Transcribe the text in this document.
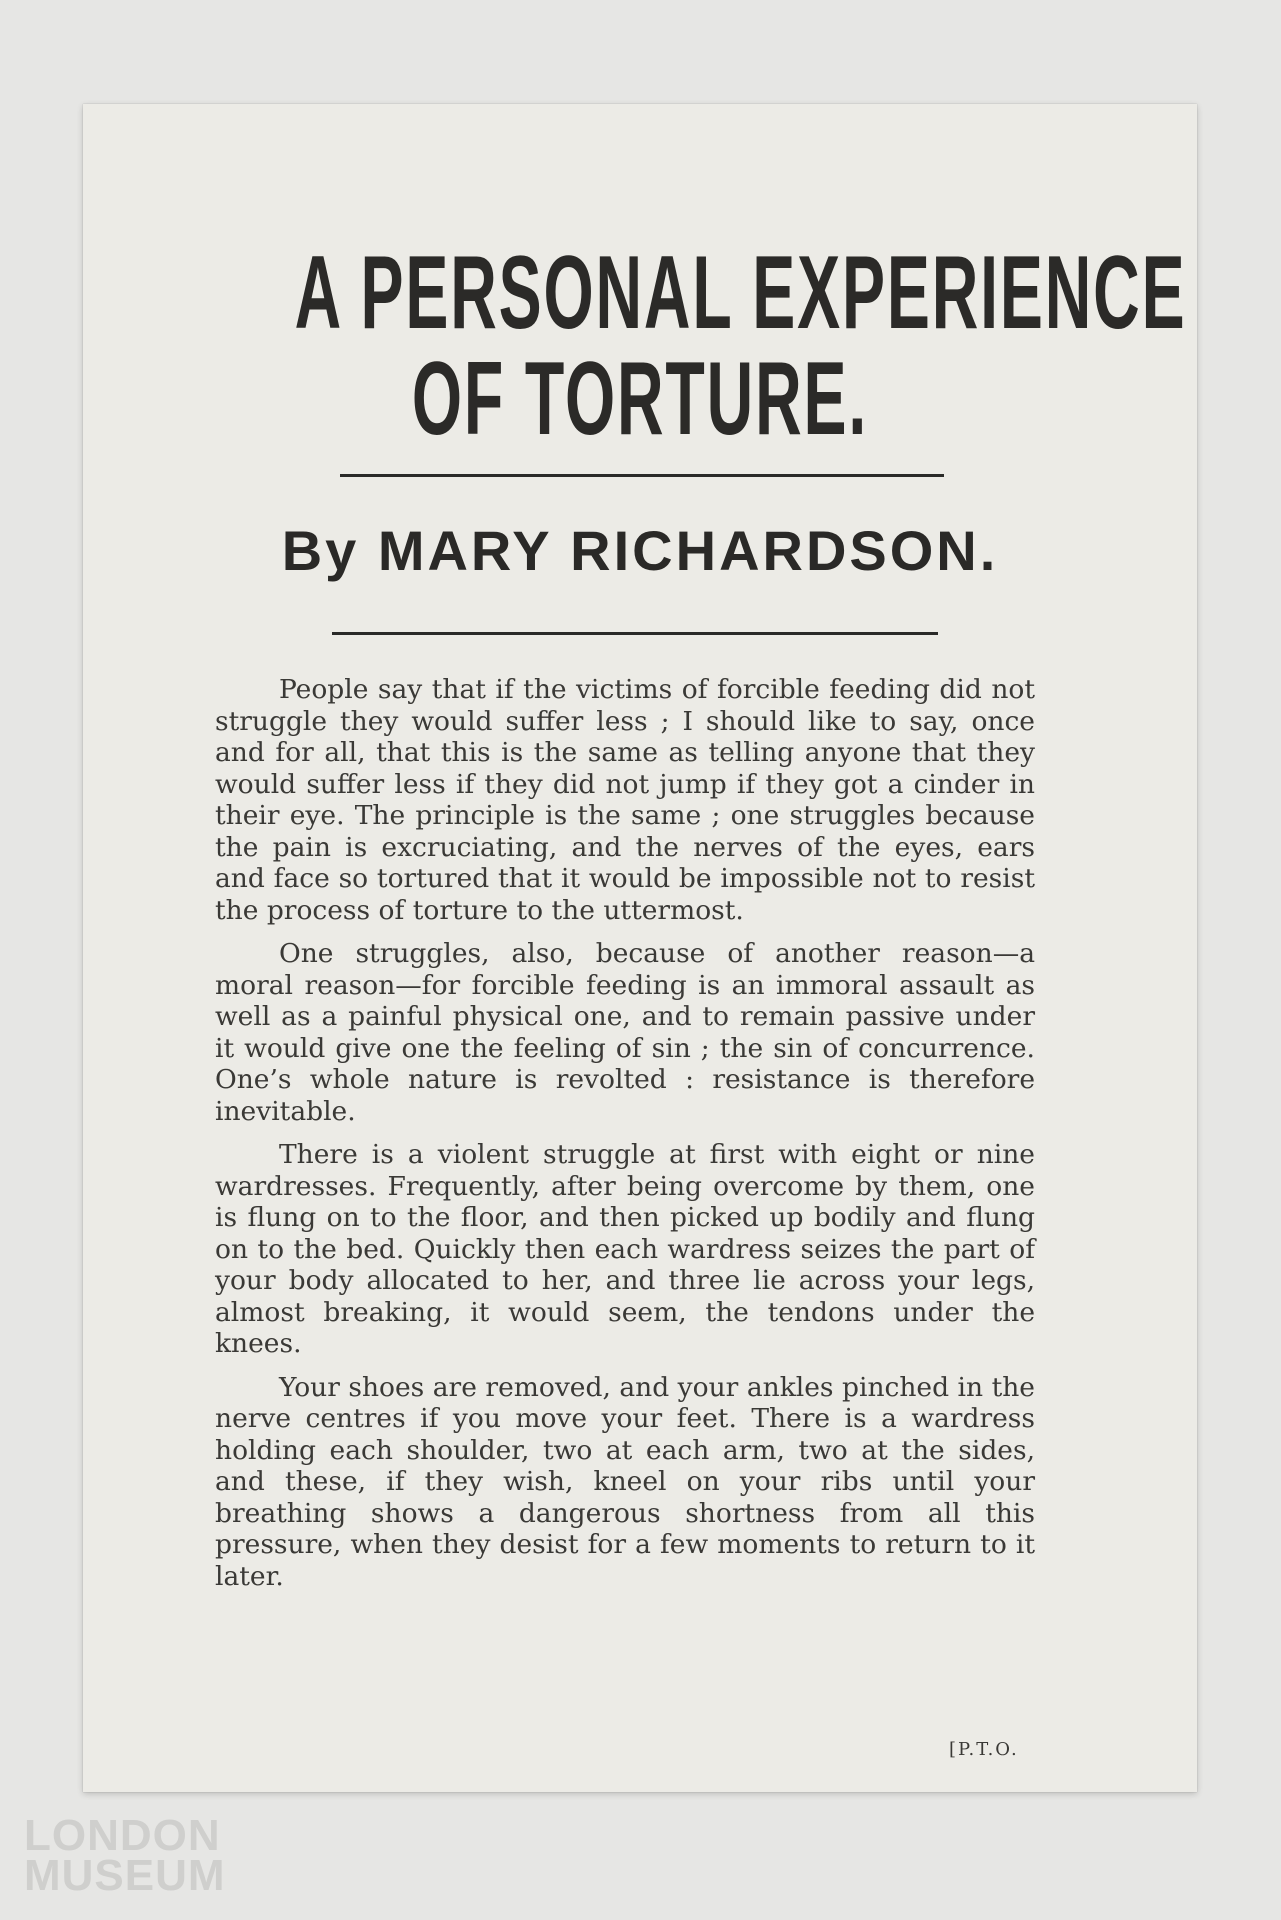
A PERSONAL EXPERIENCE
OF TORTURE.
By MARY RICHARDSON.

People say that if the victims of forcible feeding did not struggle they would suffer less ; I should like to say, once and for all, that this is the same as telling anyone that they would suffer less if they did not jump if they got a cinder in their eye. The principle is the same ; one struggles because the pain is excruciating, and the nerves of the eyes, ears and face so tortured that it would be impossible not to resist the process of torture to the uttermost.

One struggles, also, because of another reason—a moral reason—for forcible feeding is an immoral assault as well as a painful physical one, and to remain passive under it would give one the feeling of sin ; the sin of concurrence. One’s whole nature is revolted : resistance is therefore inevitable.

There is a violent struggle at first with eight or nine wardresses. Frequently, after being overcome by them, one is flung on to the floor, and then picked up bodily and flung on to the bed. Quickly then each wardress seizes the part of your body allocated to her, and three lie across your legs, almost breaking, it would seem, the tendons under the knees.

Your shoes are removed, and your ankles pinched in the nerve centres if you move your feet. There is a wardress holding each shoulder, two at each arm, two at the sides, and these, if they wish, kneel on your ribs until your breathing shows a dangerous shortness from all this pressure, when they desist for a few moments to return to it later.

[P.T.O.
LONDON
MUSEUM
